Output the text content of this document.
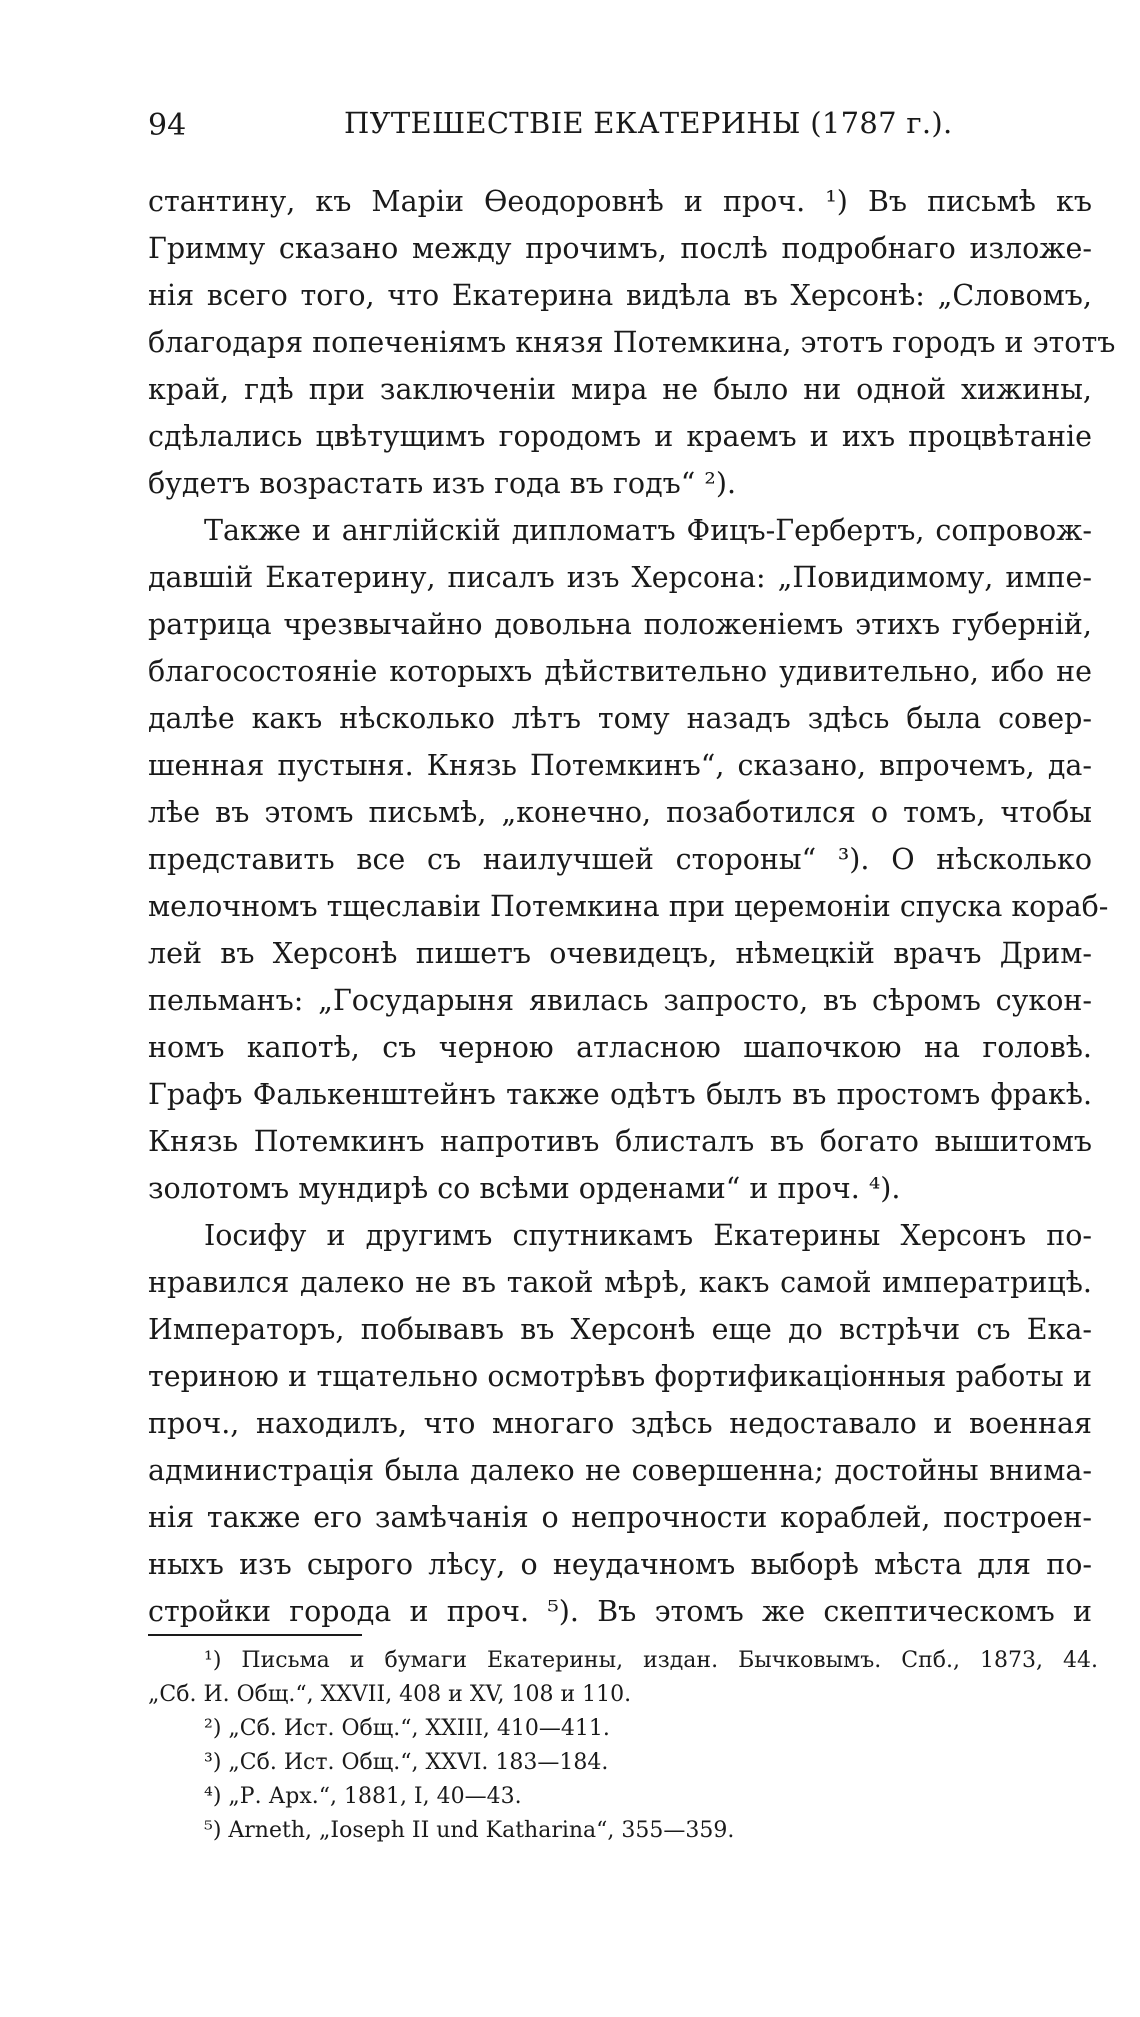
94	ПУТЕШЕСТВІЕ ЕКАТЕРИНЫ (1787 г.).
стантину, къ Маріи Өеодоровнѣ и проч. ¹) Въ письмѣ къ
Гримму сказано между прочимъ, послѣ подробнаго изложе-
нія всего того, что Екатерина видѣла въ Херсонѣ: „Словомъ,
благодаря попеченіямъ князя Потемкина, этотъ городъ и этотъ
край, гдѣ при заключеніи мира не было ни одной хижины,
сдѣлались цвѣтущимъ городомъ и краемъ и ихъ процвѣтаніе
будетъ возрастать изъ года въ годъ“ ²).
Также и англійскій дипломатъ Фицъ-Гербертъ, сопровож-
давшій Екатерину, писалъ изъ Херсона: „Повидимому, импе-
ратрица чрезвычайно довольна положеніемъ этихъ губерній,
благосостояніе которыхъ дѣйствительно удивительно, ибо не
далѣе какъ нѣсколько лѣтъ тому назадъ здѣсь была совер-
шенная пустыня. Князь Потемкинъ“, сказано, впрочемъ, да-
лѣе въ этомъ письмѣ, „конечно, позаботился о томъ, чтобы
представить все съ наилучшей стороны“ ³). О нѣсколько
мелочномъ тщеславіи Потемкина при церемоніи спуска кораб-
лей въ Херсонѣ пишетъ очевидецъ, нѣмецкій врачъ Дрим-
пельманъ: „Государыня явилась запросто, въ сѣромъ сукон-
номъ капотѣ, съ черною атласною шапочкою на головѣ.
Графъ Фалькенштейнъ также одѣтъ былъ въ простомъ фракѣ.
Князь Потемкинъ напротивъ блисталъ въ богато вышитомъ
золотомъ мундирѣ со всѣми орденами“ и проч. ⁴).
Іосифу и другимъ спутникамъ Екатерины Херсонъ по-
нравился далеко не въ такой мѣрѣ, какъ самой императрицѣ.
Императоръ, побывавъ въ Херсонѣ еще до встрѣчи съ Ека-
териною и тщательно осмотрѣвъ фортификаціонныя работы и
проч., находилъ, что многаго здѣсь недоставало и военная
администрація была далеко не совершенна; достойны внима-
нія также его замѣчанія о непрочности кораблей, построен-
ныхъ изъ сырого лѣсу, о неудачномъ выборѣ мѣста для по-
стройки города и проч. ⁵). Въ этомъ же скептическомъ и
¹) Письма и бумаги Екатерины, издан. Бычковымъ. Спб., 1873, 44.
„Сб. И. Общ.“, XXVII, 408 и XV, 108 и 110.
²) „Сб. Ист. Общ.“, XXIII, 410—411.
³) „Сб. Ист. Общ.“, XXVI. 183—184.
⁴) „Р. Арх.“, 1881, I, 40—43.
⁵) Arneth, „Ioseph II und Katharina“, 355—359.
